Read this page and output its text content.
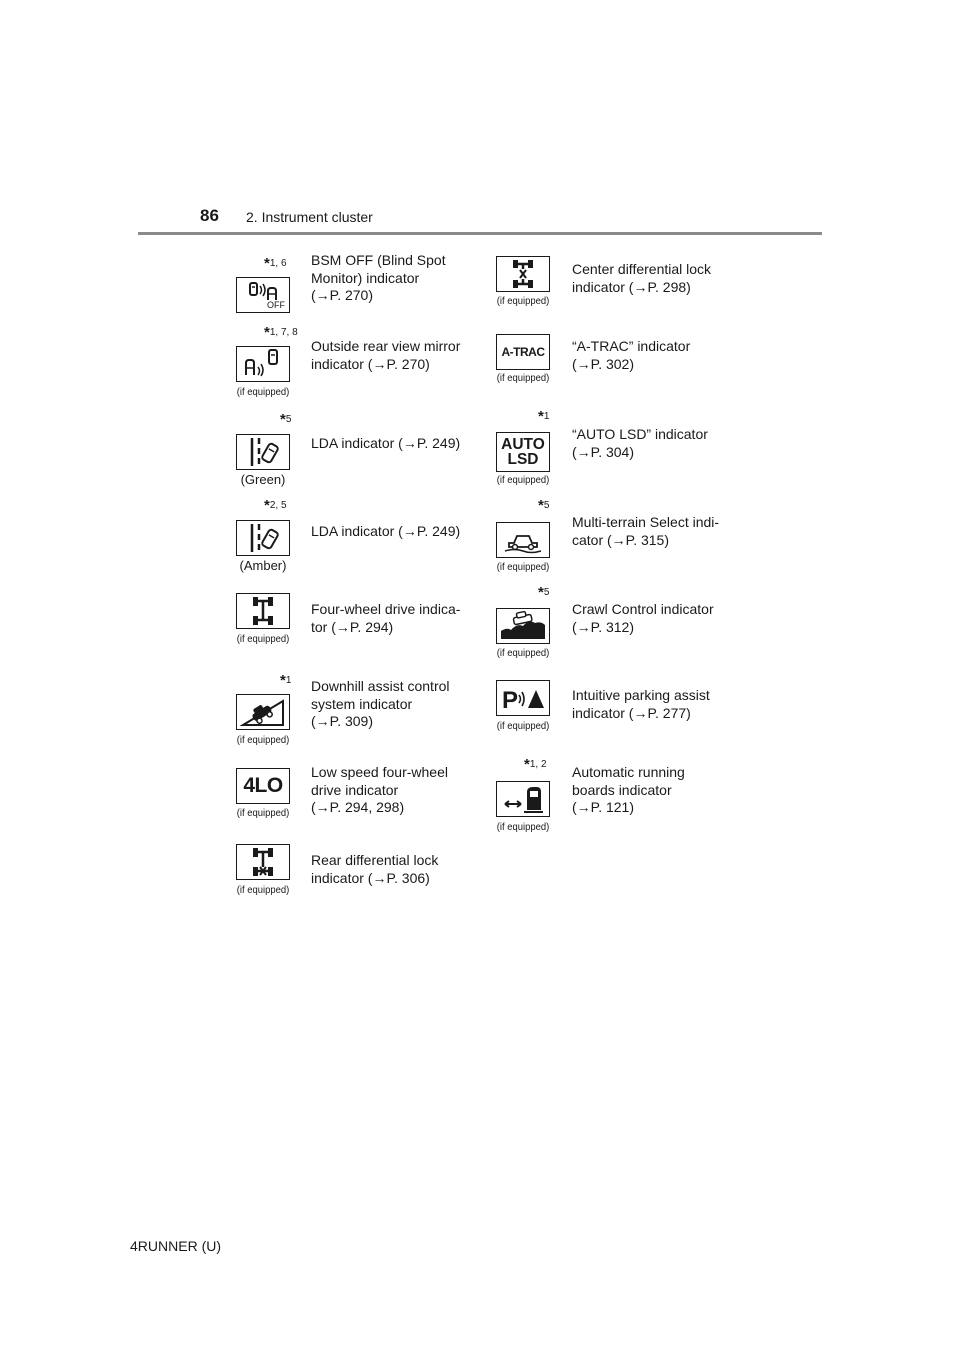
86 2. Instrument cluster
*1, 6
OFF

BSM OFF (Blind Spot

Monitor) indicator

(→P. 270)

*1, 7, 8
(if equipped)

Outside rear view mirror

indicator (→P. 270)

*5
(Green)

LDA indicator (→P. 249)

*2, 5
(Amber)

LDA indicator (→P. 249)

(if equipped)

Four-wheel drive indica-

tor (→P. 294)

*1
(if equipped)

Downhill assist control

system indicator

(→P. 309)

4LO
(if equipped)

Low speed four-wheel

drive indicator

(→P. 294, 298)

(if equipped)

Rear differential lock

indicator (→P. 306)

(if equipped)

Center differential lock

indicator (→P. 298)

A-TRAC
(if equipped)

“A-TRAC” indicator

(→P. 302)

*1
AUTO
LSD
(if equipped)

“AUTO LSD” indicator

(→P. 304)

*5
(if equipped)

Multi-terrain Select indi-

cator (→P. 315)

*5
(if equipped)

Crawl Control indicator

(→P. 312)

P
(if equipped)

Intuitive parking assist

indicator (→P. 277)

*1, 2
(if equipped)

Automatic running

boards indicator

(→P. 121)

4RUNNER (U)
